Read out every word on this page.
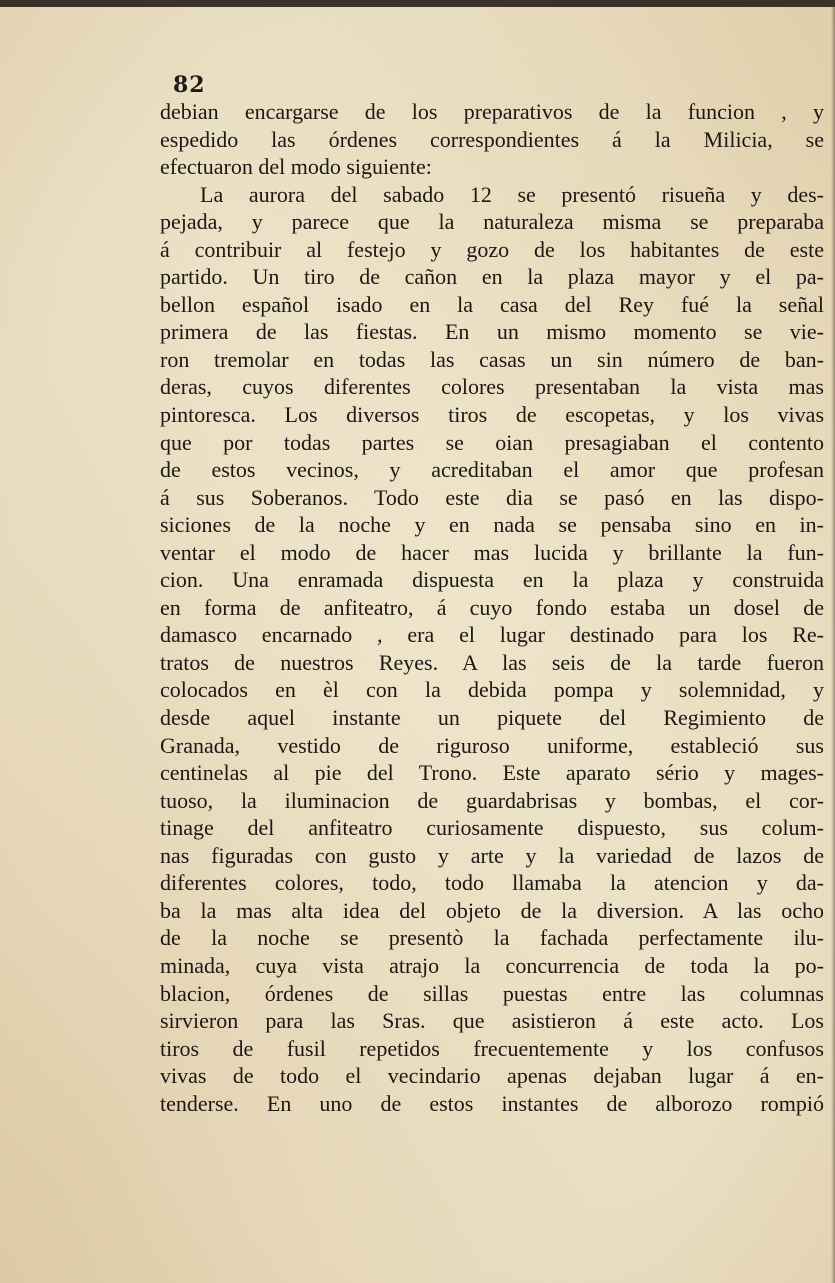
82
debian encargarse de los preparativos de la funcion , y
espedido las órdenes correspondientes á la Milicia, se
efectuaron del modo siguiente:
La aurora del sabado 12 se presentó risueña y des-
pejada, y parece que la naturaleza misma se preparaba
á contribuir al festejo y gozo de los habitantes de este
partido. Un tiro de cañon en la plaza mayor y el pa-
bellon español isado en la casa del Rey fué la señal
primera de las fiestas. En un mismo momento se vie-
ron tremolar en todas las casas un sin número de ban-
deras, cuyos diferentes colores presentaban la vista mas
pintoresca. Los diversos tiros de escopetas, y los vivas
que por todas partes se oian presagiaban el contento
de estos vecinos, y acreditaban el amor que profesan
á sus Soberanos. Todo este dia se pasó en las dispo-
siciones de la noche y en nada se pensaba sino en in-
ventar el modo de hacer mas lucida y brillante la fun-
cion. Una enramada dispuesta en la plaza y construida
en forma de anfiteatro, á cuyo fondo estaba un dosel de
damasco encarnado , era el lugar destinado para los Re-
tratos de nuestros Reyes. A las seis de la tarde fueron
colocados en èl con la debida pompa y solemnidad, y
desde aquel instante un piquete del Regimiento de
Granada, vestido de riguroso uniforme, estableció sus
centinelas al pie del Trono. Este aparato sério y mages-
tuoso, la iluminacion de guardabrisas y bombas, el cor-
tinage del anfiteatro curiosamente dispuesto, sus colum-
nas figuradas con gusto y arte y la variedad de lazos de
diferentes colores, todo, todo llamaba la atencion y da-
ba la mas alta idea del objeto de la diversion. A las ocho
de la noche se presentò la fachada perfectamente ilu-
minada, cuya vista atrajo la concurrencia de toda la po-
blacion, órdenes de sillas puestas entre las columnas
sirvieron para las Sras. que asistieron á este acto. Los
tiros de fusil repetidos frecuentemente y los confusos
vivas de todo el vecindario apenas dejaban lugar á en-
tenderse. En uno de estos instantes de alborozo rompió
